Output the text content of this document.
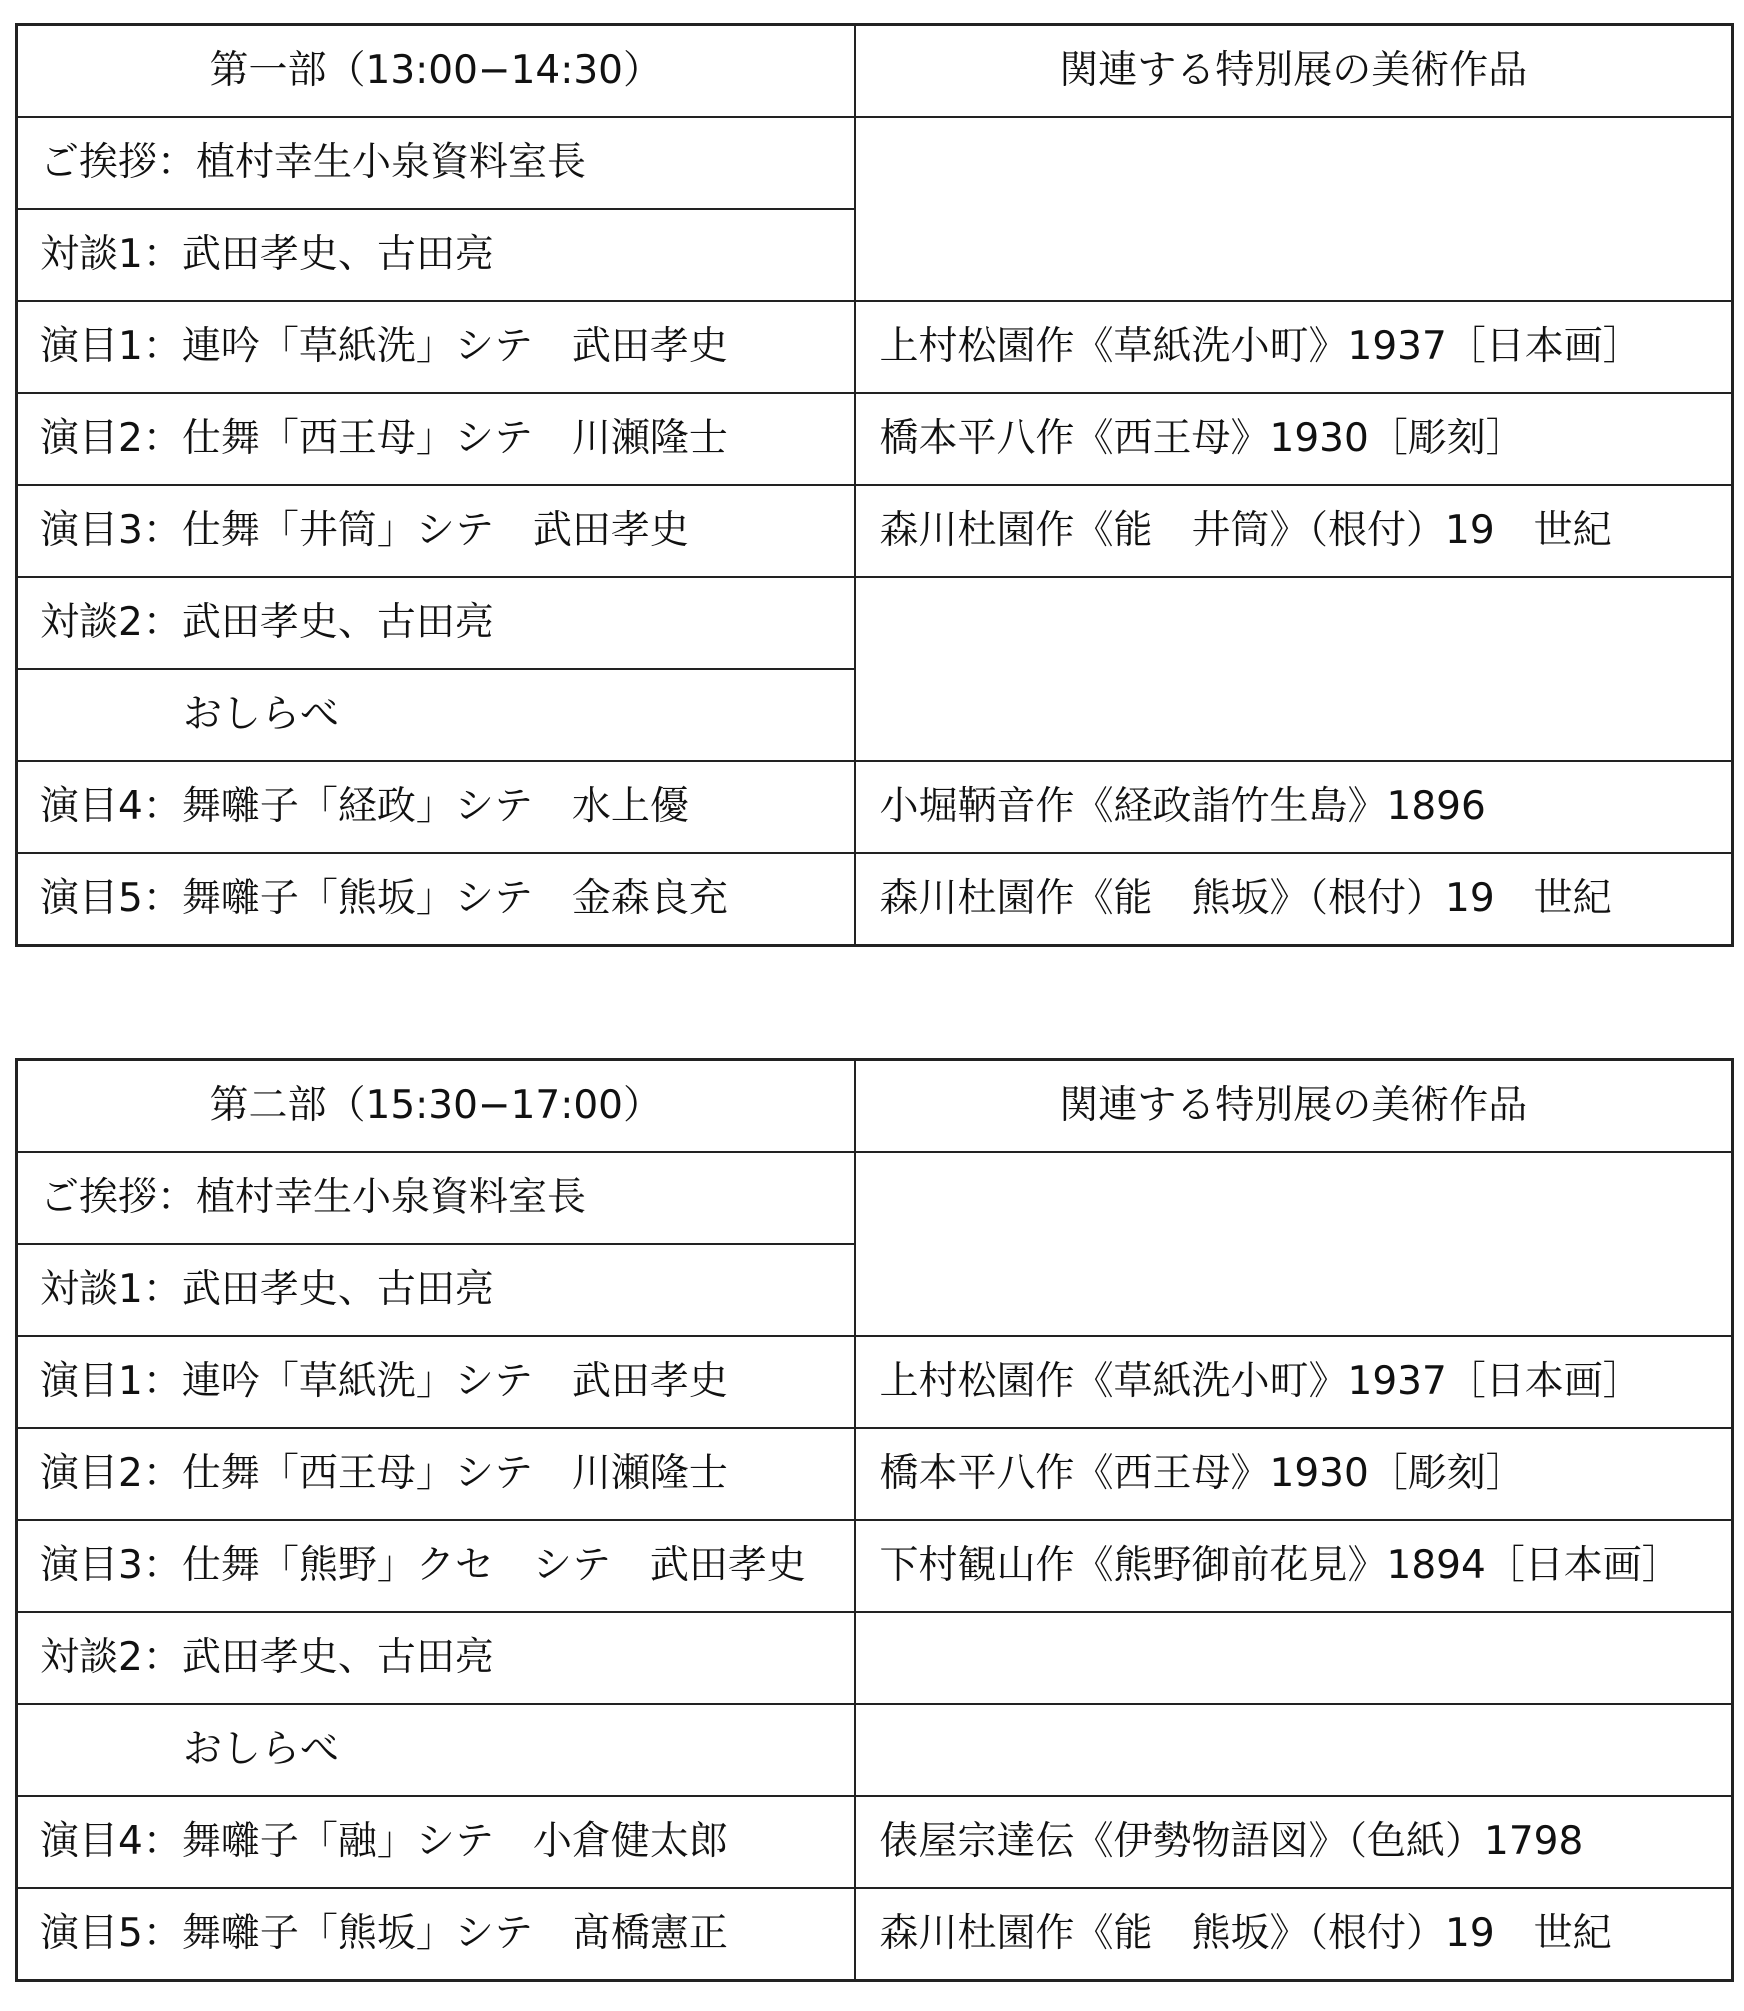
第一部（13:00−14:30）	関連する特別展の美術作品
ご挨拶：植村幸生小泉資料室長	
対談1：武田孝史、古田亮	
演目1：連吟「草紙洗」シテ　武田孝史	上村松園作《草紙洗小町》1937［日本画］
演目2：仕舞「西王母」シテ　川瀬隆士	橋本平八作《西王母》1930［彫刻］
演目3：仕舞「井筒」シテ　武田孝史	森川杜園作《能　井筒》（根付）19　世紀
対談2：武田孝史、古田亮	
おしらべ	
演目4：舞囃子「経政」シテ　水上優	小堀鞆音作《経政詣竹生島》1896
演目5：舞囃子「熊坂」シテ　金森良充	森川杜園作《能　熊坂》（根付）19　世紀
第二部（15:30−17:00）	関連する特別展の美術作品
ご挨拶：植村幸生小泉資料室長	
対談1：武田孝史、古田亮	
演目1：連吟「草紙洗」シテ　武田孝史	上村松園作《草紙洗小町》1937［日本画］
演目2：仕舞「西王母」シテ　川瀬隆士	橋本平八作《西王母》1930［彫刻］
演目3：仕舞「熊野」クセ　シテ　武田孝史	下村観山作《熊野御前花見》1894［日本画］
対談2：武田孝史、古田亮	
おしらべ	
演目4：舞囃子「融」シテ　小倉健太郎	俵屋宗達伝《伊勢物語図》（色紙）1798
演目5：舞囃子「熊坂」シテ　髙橋憲正	森川杜園作《能　熊坂》（根付）19　世紀
